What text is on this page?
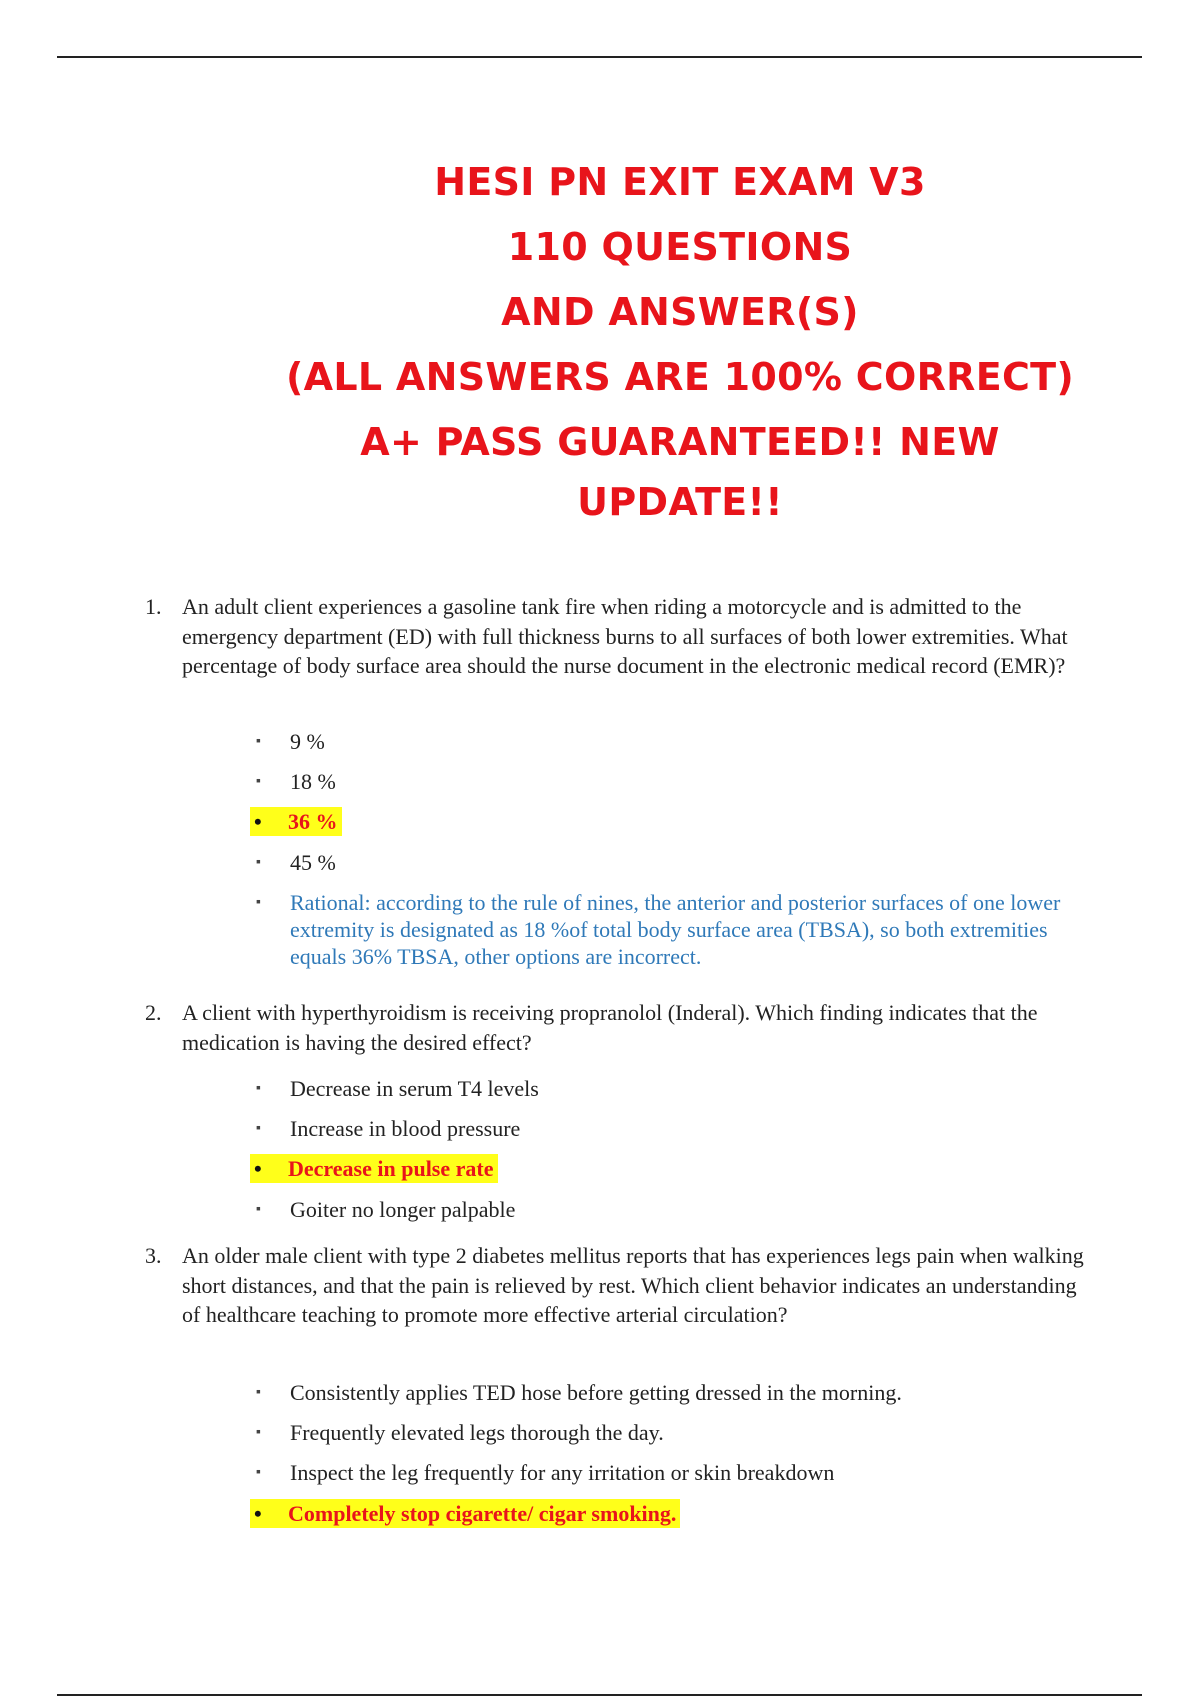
HESI PN EXIT EXAM V3
110 QUESTIONS
AND ANSWER(S)
(ALL ANSWERS ARE 100% CORRECT)
A+ PASS GUARANTEED!! NEW
UPDATE!!
1. An adult client experiences a gasoline tank fire when riding a motorcycle and is admitted to the emergency department (ED) with full thickness burns to all surfaces of both lower extremities. What percentage of body surface area should the nurse document in the electronic medical record (EMR)?
▪ 9 %
▪ 18 %
• 36 %
▪ 45 %
▪ Rational: according to the rule of nines, the anterior and posterior surfaces of one lower extremity is designated as 18 %of total body surface area (TBSA), so both extremities equals 36% TBSA, other options are incorrect.
2. A client with hyperthyroidism is receiving propranolol (Inderal). Which finding indicates that the medication is having the desired effect?
▪ Decrease in serum T4 levels
▪ Increase in blood pressure
• Decrease in pulse rate
▪ Goiter no longer palpable
3. An older male client with type 2 diabetes mellitus reports that has experiences legs pain when walking short distances, and that the pain is relieved by rest. Which client behavior indicates an understanding of healthcare teaching to promote more effective arterial circulation?
▪ Consistently applies TED hose before getting dressed in the morning.
▪ Frequently elevated legs thorough the day.
▪ Inspect the leg frequently for any irritation or skin breakdown
• Completely stop cigarette/ cigar smoking.
